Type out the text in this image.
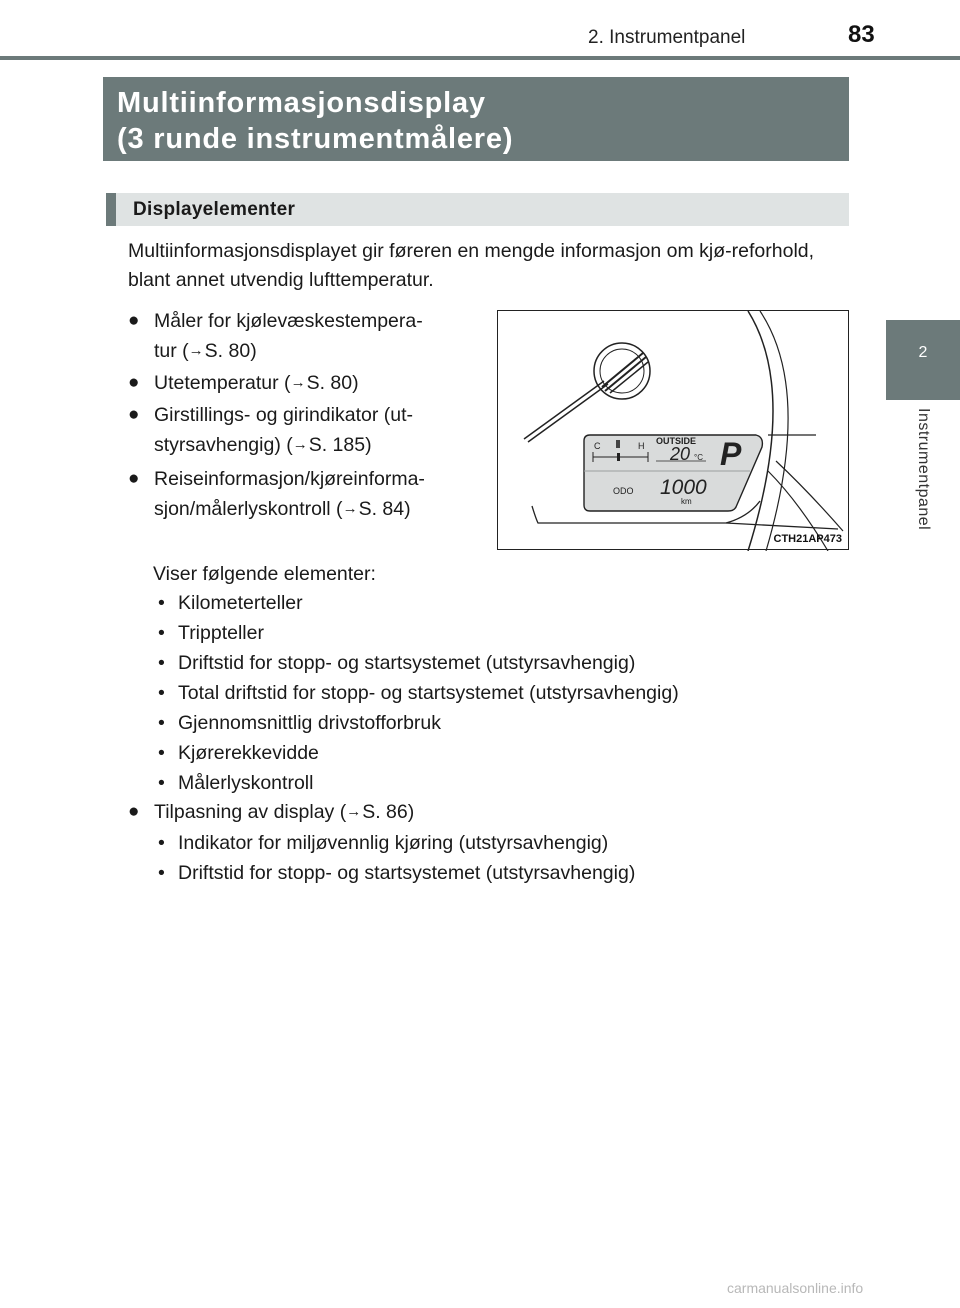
2. Instrumentpanel	83
2
Instrumentpanel
Multiinformasjonsdisplay
(3 runde instrumentmålere)
Displayelementer
Multiinformasjonsdisplayet gir føreren en mengde informasjon om kjø-reforhold, blant annet utvendig lufttemperatur.
● Måler for kjølevæskestempera-
tur (→S. 80)
● Utetemperatur (→S. 80)
● Girstillings- og girindikator (ut-
styrsavhengig) (→S. 185)
● Reiseinformasjon/kjøreinforma-
sjon/målerlyskontroll (→S. 84)
Viser følgende elementer:
• Kilometerteller
• Trippteller
• Driftstid for stopp- og startsystemet (utstyrsavhengig)
• Total driftstid for stopp- og startsystemet (utstyrsavhengig)
• Gjennomsnittlig drivstofforbruk
• Kjørerekkevidde
• Målerlyskontroll
● Tilpasning av display (→S. 86)
• Indikator for miljøvennlig kjøring (utstyrsavhengig)
• Driftstid for stopp- og startsystemet (utstyrsavhengig)
C	H OUTSIDE
20 °C P
ODO 1000
km
CTH21AP473
carmanualsonline.info
